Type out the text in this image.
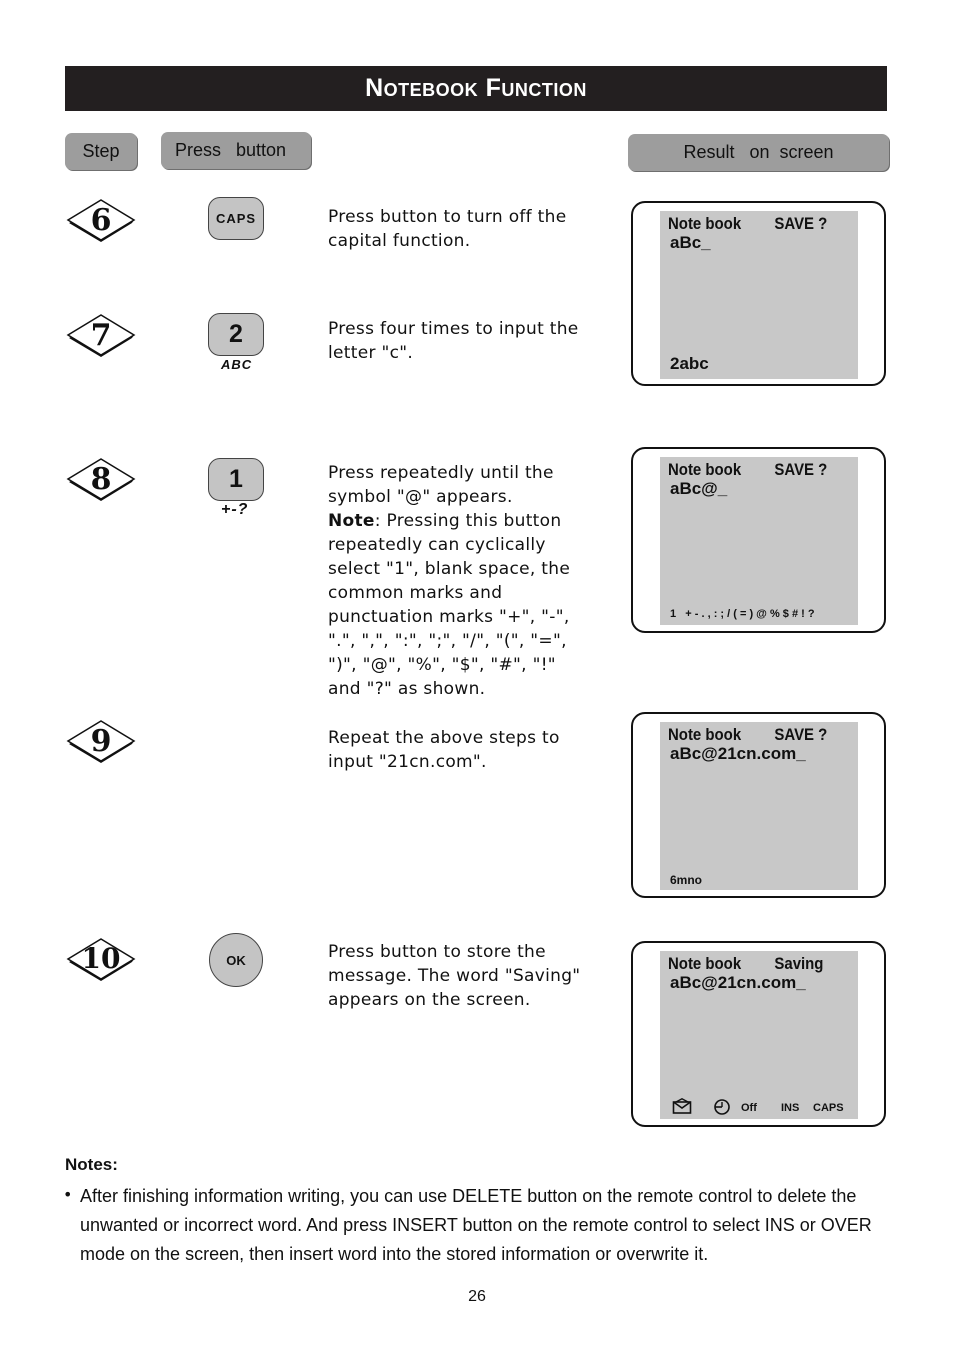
Notebook Function
Step	Press   button	Result   on  screen
6
7
8
9
10
CAPS
2
ABC
1
+-?
OK
Press button to turn off the capital function.
Press four times to input the letter "c".
Press repeatedly until the symbol "@" appears.
Note: Pressing this button repeatedly can cyclically select "1", blank space, the common marks and punctuation marks "+", "-", ".", ",", ":", ";", "/", "(", "=", ")", "@", "%", "$", "#", "!" and "?" as shown.
Repeat the above steps to input "21cn.com".
Press button to store the message. The word "Saving" appears on the screen.
Note book SAVE ?
aBc_
2abc
Note book SAVE ?
aBc@_
1   + - . , : ; / ( = ) @ % $ # ! ?
Note book SAVE ?
aBc@21cn.com_
6mno
Note book Saving
aBc@21cn.com_
Off INS CAPS
Notes:
• After finishing information writing, you can use DELETE button on the remote control to delete the unwanted or incorrect word. And press INSERT button on the remote control to select INS or OVER mode on the screen, then insert word into the stored information or overwrite it.
26
